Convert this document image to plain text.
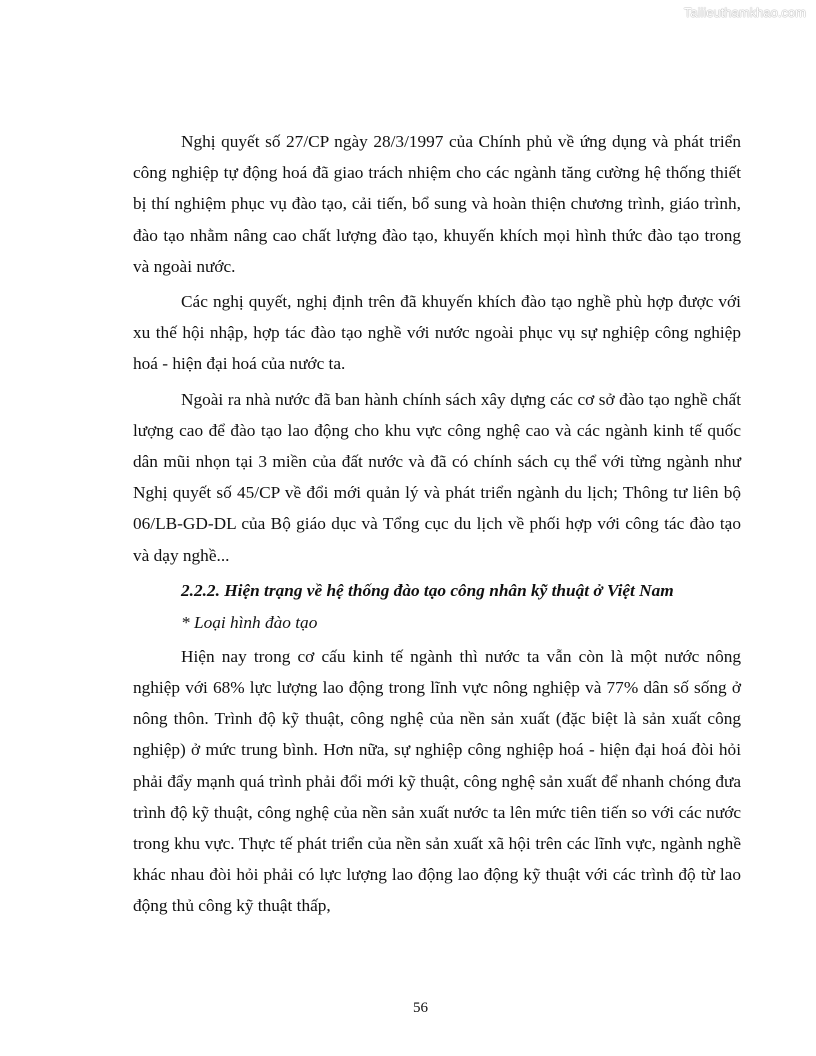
Tailieuthamkhao.com

Nghị quyết số 27/CP ngày 28/3/1997 của Chính phủ về ứng dụng và phát triển công nghiệp tự động hoá đã giao trách nhiệm cho các ngành tăng cường hệ thống thiết bị thí nghiệm phục vụ đào tạo, cải tiến, bổ sung và hoàn thiện chương trình, giáo trình, đào tạo nhằm nâng cao chất lượng đào tạo, khuyến khích mọi hình thức đào tạo trong và ngoài nước.

Các nghị quyết, nghị định trên đã khuyến khích đào tạo nghề phù hợp được với xu thế hội nhập, hợp tác đào tạo nghề với nước ngoài phục vụ sự nghiệp công nghiệp hoá - hiện đại hoá của nước ta.

Ngoài ra nhà nước đã ban hành chính sách xây dựng các cơ sở đào tạo nghề chất lượng cao để đào tạo lao động cho khu vực công nghệ cao và các ngành kinh tế quốc dân mũi nhọn tại 3 miền của đất nước và đã có chính sách cụ thể với từng ngành như Nghị quyết số 45/CP về đổi mới quản lý và phát triển ngành du lịch; Thông tư liên bộ 06/LB-GD-DL của Bộ giáo dục và Tổng cục du lịch về phối hợp với công tác đào tạo và dạy nghề...

2.2.2. Hiện trạng về hệ thống đào tạo công nhân kỹ thuật ở Việt Nam

* Loại hình đào tạo

Hiện nay trong cơ cấu kinh tế ngành thì nước ta vẫn còn là một nước nông nghiệp với 68% lực lượng lao động trong lĩnh vực nông nghiệp và 77% dân số sống ở nông thôn. Trình độ kỹ thuật, công nghệ của nền sản xuất (đặc biệt là sản xuất công nghiệp) ở mức trung bình. Hơn nữa, sự nghiệp công nghiệp hoá - hiện đại hoá đòi hỏi phải đẩy mạnh quá trình phải đổi mới kỹ thuật, công nghệ sản xuất để nhanh chóng đưa trình độ kỹ thuật, công nghệ của nền sản xuất nước ta lên mức tiên tiến so với các nước trong khu vực. Thực tế phát triển của nền sản xuất xã hội trên các lĩnh vực, ngành nghề khác nhau đòi hỏi phải có lực lượng lao động lao động kỹ thuật với các trình độ từ lao động thủ công kỹ thuật thấp,

56
